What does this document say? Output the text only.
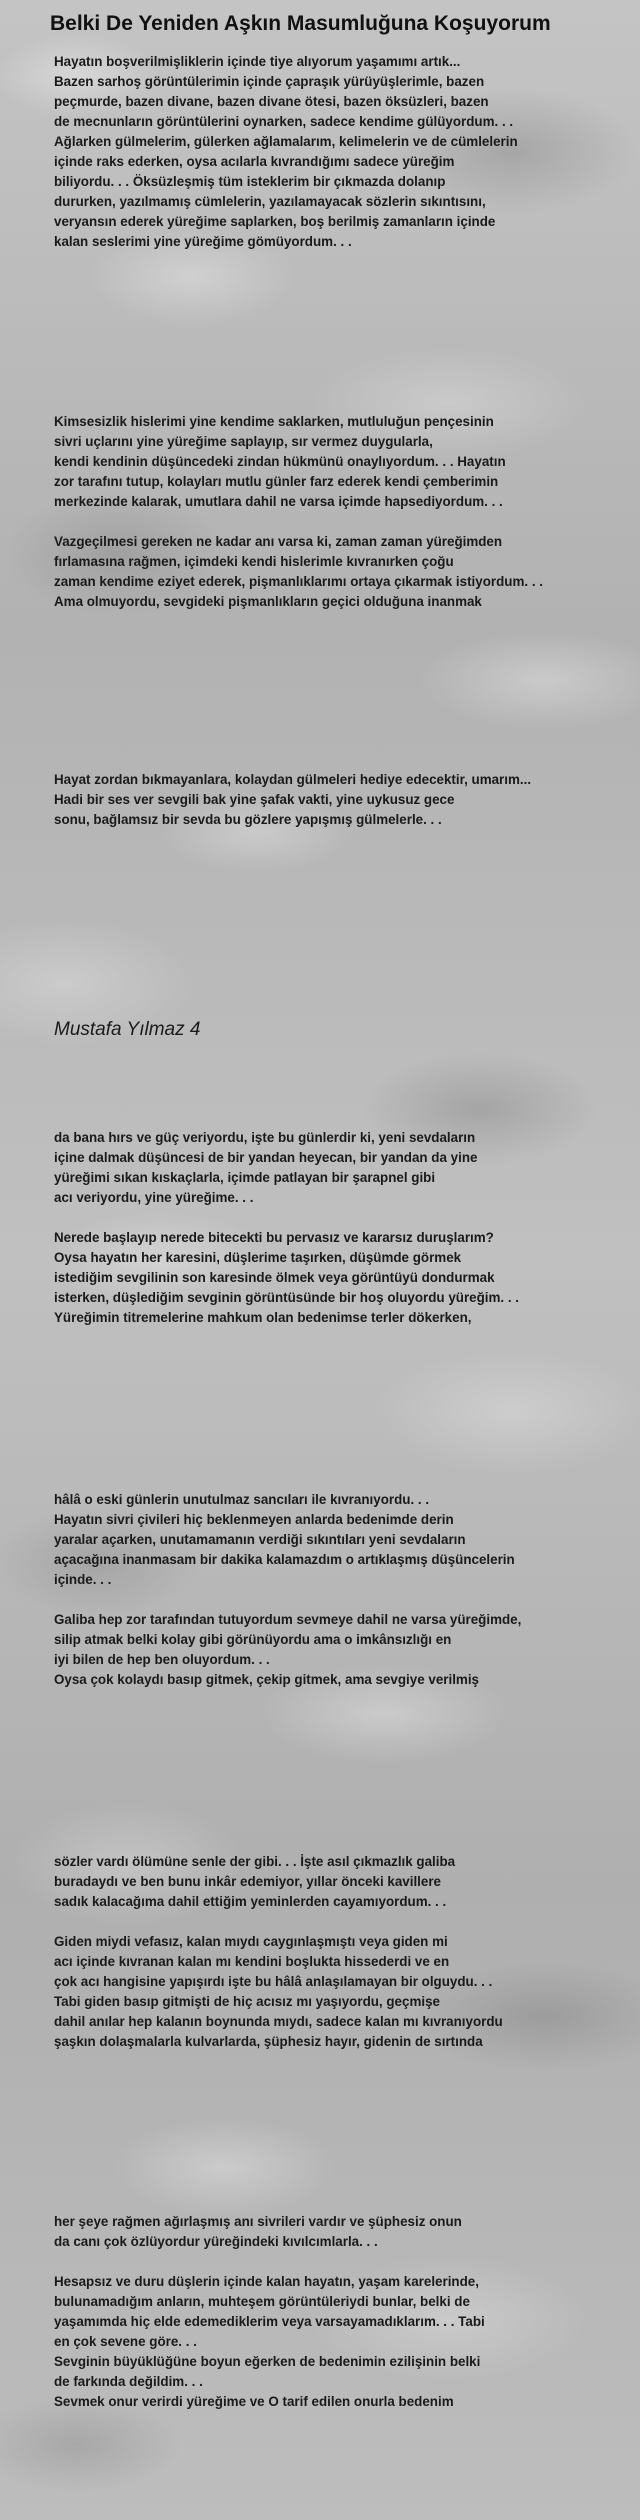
Belki De Yeniden Aşkın Masumluğuna Koşuyorum

Hayatın boşverilmişliklerin içinde tiye alıyorum yaşamımı artık...
Bazen sarhoş görüntülerimin içinde çapraşık yürüyüşlerimle, bazen
peçmurde, bazen divane, bazen divane ötesi, bazen öksüzleri, bazen
de mecnunların görüntülerini oynarken, sadece kendime gülüyordum. . .
Ağlarken gülmelerim, gülerken ağlamalarım, kelimelerin ve de cümlelerin
içinde raks ederken, oysa acılarla kıvrandığımı sadece yüreğim
biliyordu. . . Öksüzleşmiş tüm isteklerim bir çıkmazda dolanıp
dururken, yazılmamış cümlelerin, yazılamayacak sözlerin sıkıntısını,
veryansın ederek yüreğime saplarken, boş berilmiş zamanların içinde
kalan seslerimi yine yüreğime gömüyordum. . .

Kimsesizlik hislerimi yine kendime saklarken, mutluluğun pençesinin
sivri uçlarını yine yüreğime saplayıp, sır vermez duygularla,
kendi kendinin düşüncedeki zindan hükmünü onaylıyordum. . . Hayatın
zor tarafını tutup, kolayları mutlu günler farz ederek kendi çemberimin
merkezinde kalarak, umutlara dahil ne varsa içimde hapsediyordum. . .

Vazgeçilmesi gereken ne kadar anı varsa ki, zaman zaman yüreğimden
fırlamasına rağmen, içimdeki kendi hislerimle kıvranırken çoğu
zaman kendime eziyet ederek, pişmanlıklarımı ortaya çıkarmak istiyordum. . .
Ama olmuyordu, sevgideki pişmanlıkların geçici olduğuna inanmak

Hayat zordan bıkmayanlara, kolaydan gülmeleri hediye edecektir, umarım...
Hadi bir ses ver sevgili bak yine şafak vakti, yine uykusuz gece
sonu, bağlamsız bir sevda bu gözlere yapışmış gülmelerle. . .

Mustafa Yılmaz 4

da bana hırs ve güç veriyordu, işte bu günlerdir ki, yeni sevdaların
içine dalmak düşüncesi de bir yandan heyecan, bir yandan da yine
yüreğimi sıkan kıskaçlarla, içimde patlayan bir şarapnel gibi
acı veriyordu, yine yüreğime. . .

Nerede başlayıp nerede bitecekti bu pervasız ve kararsız duruşlarım?
Oysa hayatın her karesini, düşlerime taşırken, düşümde görmek
istediğim sevgilinin son karesinde ölmek veya görüntüyü dondurmak
isterken, düşlediğim sevginin görüntüsünde bir hoş oluyordu yüreğim. . .
Yüreğimin titremelerine mahkum olan bedenimse terler dökerken,

hâlâ o eski günlerin unutulmaz sancıları ile kıvranıyordu. . .
Hayatın sivri çivileri hiç beklenmeyen anlarda bedenimde derin
yaralar açarken, unutamamanın verdiği sıkıntıları yeni sevdaların
açacağına inanmasam bir dakika kalamazdım o artıklaşmış düşüncelerin
içinde. . .

Galiba hep zor tarafından tutuyordum sevmeye dahil ne varsa yüreğimde,
silip atmak belki kolay gibi görünüyordu ama o imkânsızlığı en
iyi bilen de hep ben oluyordum. . .
Oysa çok kolaydı basıp gitmek, çekip gitmek, ama sevgiye verilmiş

sözler vardı ölümüne senle der gibi. . . İşte asıl çıkmazlık galiba
buradaydı ve ben bunu inkâr edemiyor, yıllar önceki kavillere
sadık kalacağıma dahil ettiğim yeminlerden cayamıyordum. . .

Giden miydi vefasız, kalan mıydı caygınlaşmıştı veya giden mi
acı içinde kıvranan kalan mı kendini boşlukta hissederdi ve en
çok acı hangisine yapışırdı işte bu hâlâ anlaşılamayan bir olguydu. . .
Tabi giden basıp gitmişti de hiç acısız mı yaşıyordu, geçmişe
dahil anılar hep kalanın boynunda mıydı, sadece kalan mı kıvranıyordu
şaşkın dolaşmalarla kulvarlarda, şüphesiz hayır, gidenin de sırtında

her şeye rağmen ağırlaşmış anı sivrileri vardır ve şüphesiz onun
da canı çok özlüyordur yüreğindeki kıvılcımlarla. . .

Hesapsız ve duru düşlerin içinde kalan hayatın, yaşam karelerinde,
bulunamadığım anların, muhteşem görüntüleriydi bunlar, belki de
yaşamımda hiç elde edemediklerim veya varsayamadıklarım. . . Tabi
en çok sevene göre. . .
Sevginin büyüklüğüne boyun eğerken de bedenimin ezilişinin belki
de farkında değildim. . .
Sevmek onur verirdi yüreğime ve O tarif edilen onurla bedenim
